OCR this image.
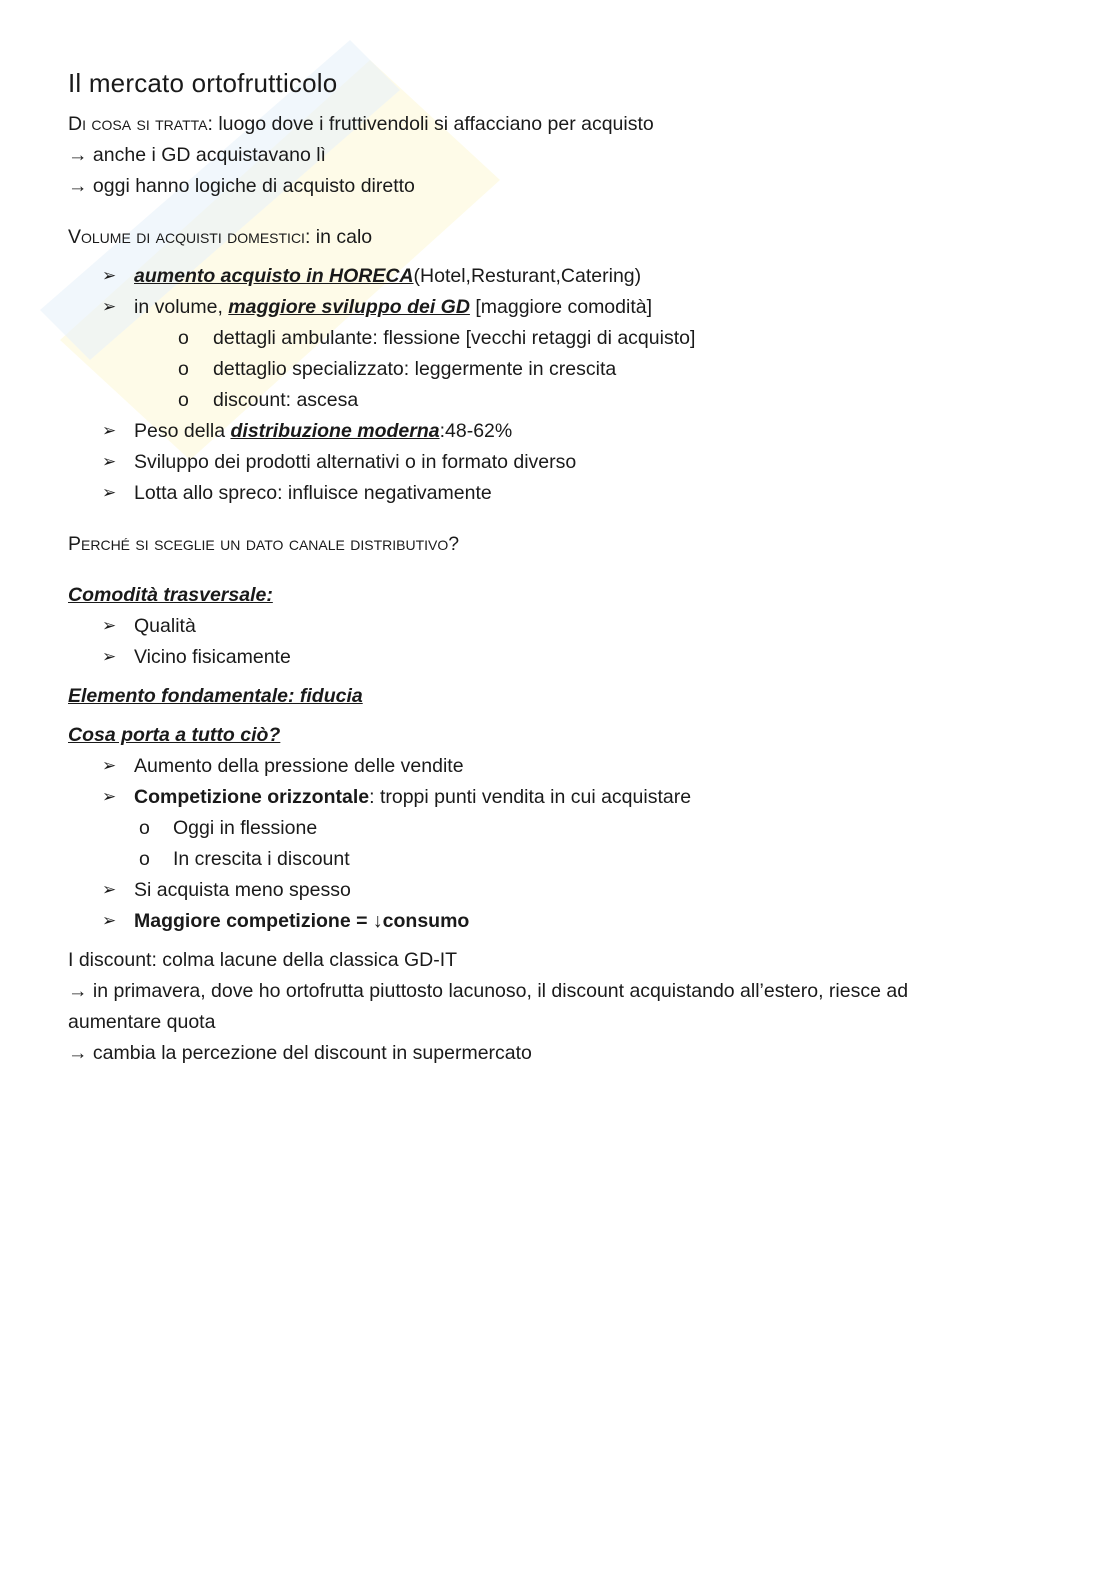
Il mercato ortofrutticolo

Di cosa si tratta: luogo dove i fruttivendoli si affacciano per acquisto

→ anche i GD acquistavano lì

→ oggi hanno logiche di acquisto diretto

Volume di acquisti domestici: in calo

➢ aumento acquisto in HORECA(Hotel,Resturant,Catering)
➢ in volume, maggiore sviluppo dei GD [maggiore comodità]
o dettagli ambulante: flessione [vecchi retaggi di acquisto]
o dettaglio specializzato: leggermente in crescita
o discount: ascesa
➢ Peso della distribuzione moderna:48-62%
➢ Sviluppo dei prodotti alternativi o in formato diverso
➢ Lotta allo spreco: influisce negativamente

Perché si sceglie un dato canale distributivo?

Comodità trasversale:

➢ Qualità
➢ Vicino fisicamente

Elemento fondamentale: fiducia

Cosa porta a tutto ciò?

➢ Aumento della pressione delle vendite
➢ Competizione orizzontale: troppi punti vendita in cui acquistare
o Oggi in flessione
o In crescita i discount
➢ Si acquista meno spesso
➢ Maggiore competizione = ↓consumo

I discount: colma lacune della classica GD-IT

→ in primavera, dove ho ortofrutta piuttosto lacunoso, il discount acquistando all’estero, riesce ad

aumentare quota

→ cambia la percezione del discount in supermercato
